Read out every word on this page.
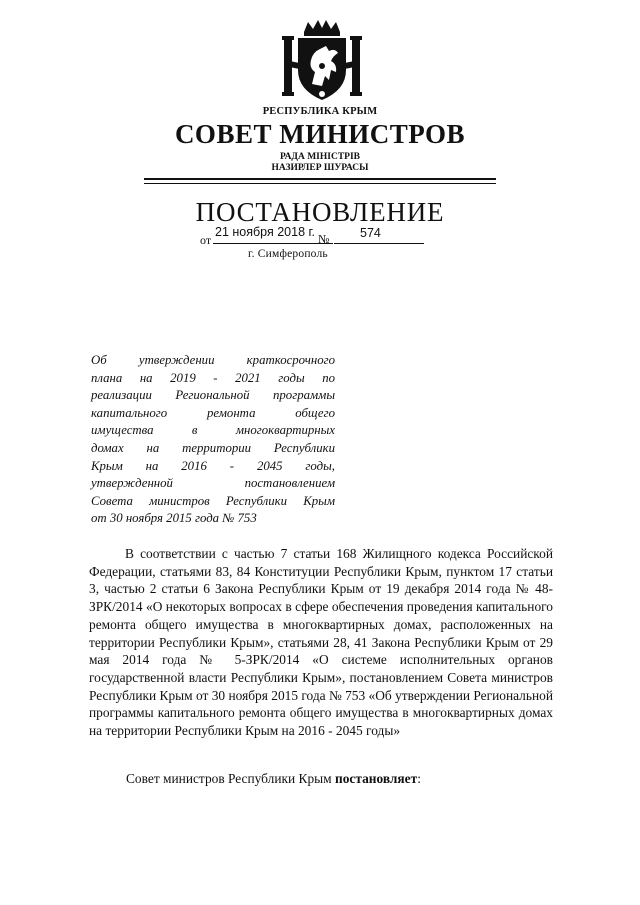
РЕСПУБЛИКА КРЫМ
СОВЕТ МИНИСТРОВ
РАДА МІНІСТРІВ
НАЗИРЛЕР ШУРАСЫ
ПОСТАНОВЛЕНИЕ
от
21 ноября 2018 г. № 574
г. Симферополь
Об утверждении краткосрочного
плана на 2019 - 2021 годы по
реализации Региональной программы
капитального ремонта общего
имущества в многоквартирных
домах на территории Республики
Крым на 2016 - 2045 годы,
утвержденной постановлением
Совета министров Республики Крым
от 30 ноября 2015 года № 753

В соответствии с частью 7 статьи 168 Жилищного кодекса Российской Федерации, статьями 83, 84 Конституции Республики Крым, пунктом 17 статьи 3, частью 2 статьи 6 Закона Республики Крым от 19 декабря 2014 года № 48-ЗРК/2014 «О некоторых вопросах в сфере обеспечения проведения капитального ремонта общего имущества в многоквартирных домах, расположенных на территории Республики Крым», статьями 28, 41 Закона Республики Крым от 29 мая 2014 года № 5-ЗРК/2014 «О системе исполнительных органов государственной власти Республики Крым», постановлением Совета министров Республики Крым от 30 ноября 2015 года № 753 «Об утверждении Региональной программы капитального ремонта общего имущества в многоквартирных домах на территории Республики Крым на 2016 - 2045 годы»

Совет министров Республики Крым постановляет:
